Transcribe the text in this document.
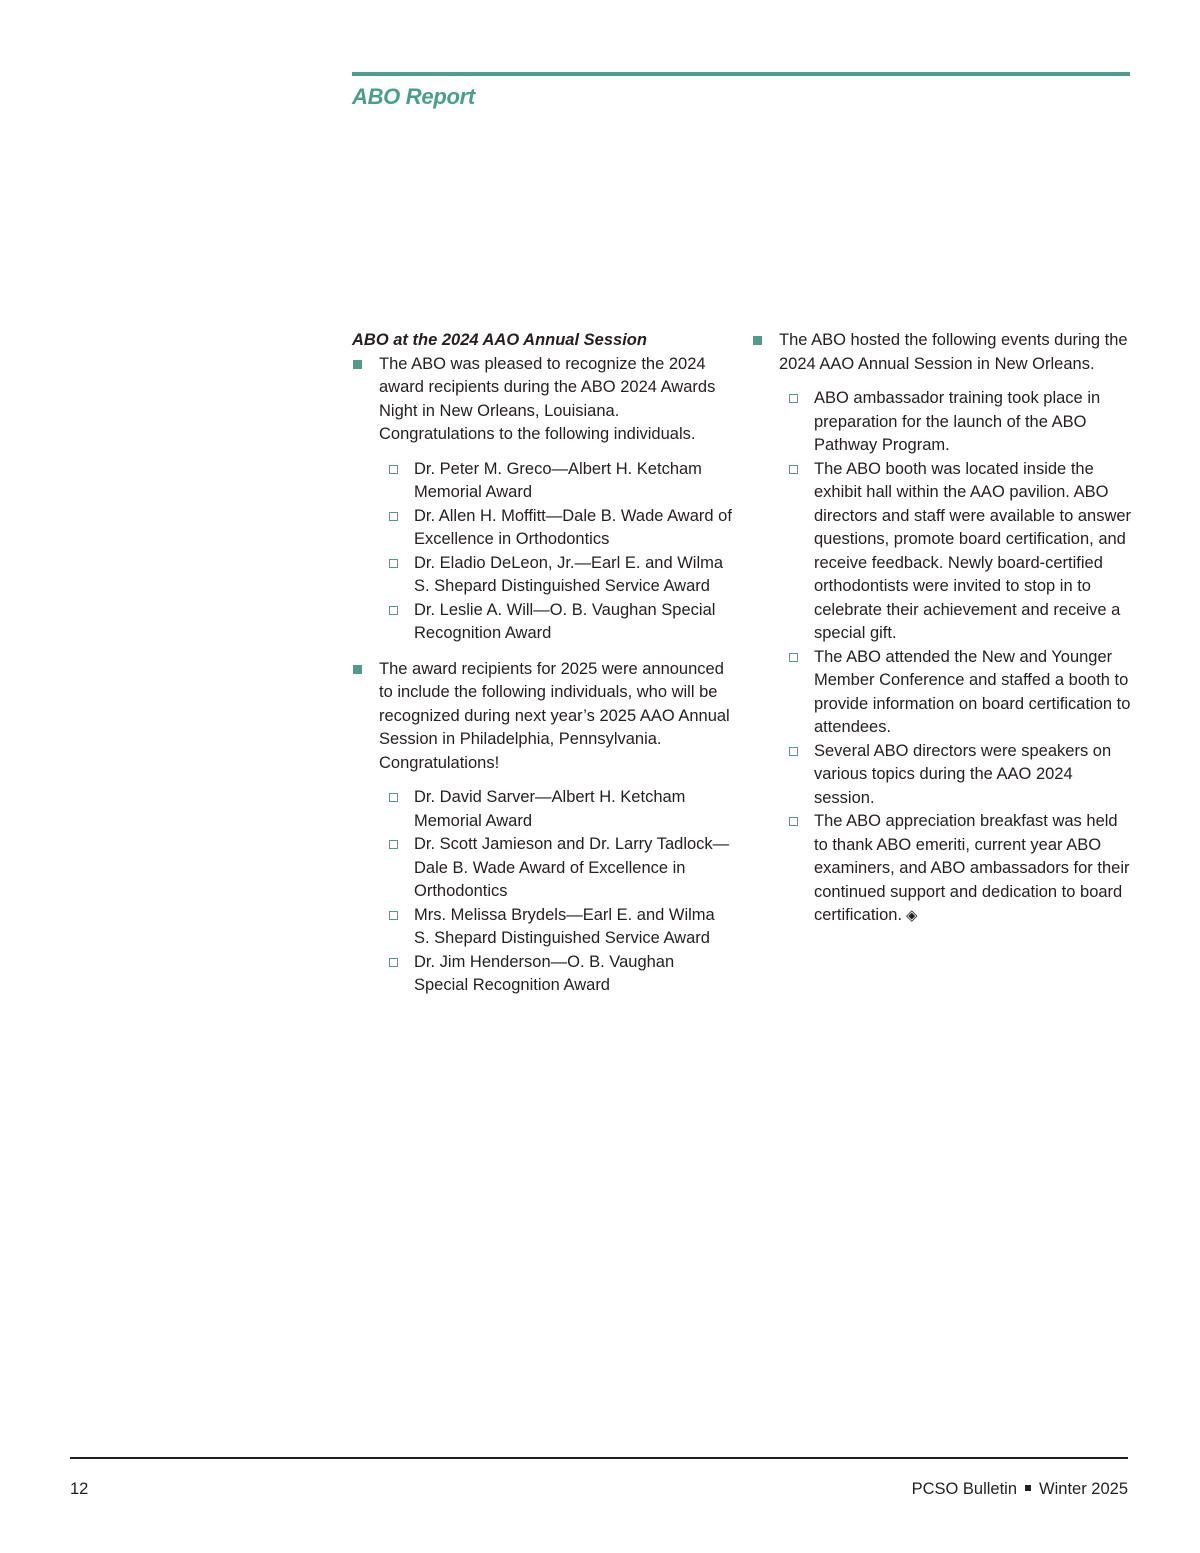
ABO Report

ABO at the 2024 AAO Annual Session

The ABO was pleased to recognize the 2024 award recipients during the ABO 2024 Awards Night in New Orleans, Louisiana. Congratulations to the following individuals.

Dr. Peter M. Greco—Albert H. Ketcham Memorial Award
Dr. Allen H. Moffitt—Dale B. Wade Award of Excellence in Orthodontics
Dr. Eladio DeLeon, Jr.—Earl E. and Wilma S. Shepard Distinguished Service Award
Dr. Leslie A. Will—O. B. Vaughan Special Recognition Award

The award recipients for 2025 were announced to include the following individuals, who will be recognized during next year’s 2025 AAO Annual Session in Philadelphia, Pennsylvania. Congratulations!

Dr. David Sarver—Albert H. Ketcham Memorial Award
Dr. Scott Jamieson and Dr. Larry Tadlock—Dale B. Wade Award of Excellence in Orthodontics
Mrs. Melissa Brydels—Earl E. and Wilma S. Shepard Distinguished Service Award
Dr. Jim Henderson—O. B. Vaughan Special Recognition Award

The ABO hosted the following events during the 2024 AAO Annual Session in New Orleans.

ABO ambassador training took place in preparation for the launch of the ABO Pathway Program.
The ABO booth was located inside the exhibit hall within the AAO pavilion. ABO directors and staff were available to answer questions, promote board certification, and receive feedback. Newly board-certified orthodontists were invited to stop in to celebrate their achievement and receive a special gift.
The ABO attended the New and Younger Member Conference and staffed a booth to provide information on board certification to attendees.
Several ABO directors were speakers on various topics during the AAO 2024 session.
The ABO appreciation breakfast was held to thank ABO emeriti, current year ABO examiners, and ABO ambassadors for their continued support and dedication to board certification. ◈

12	PCSO Bulletin Winter 2025
